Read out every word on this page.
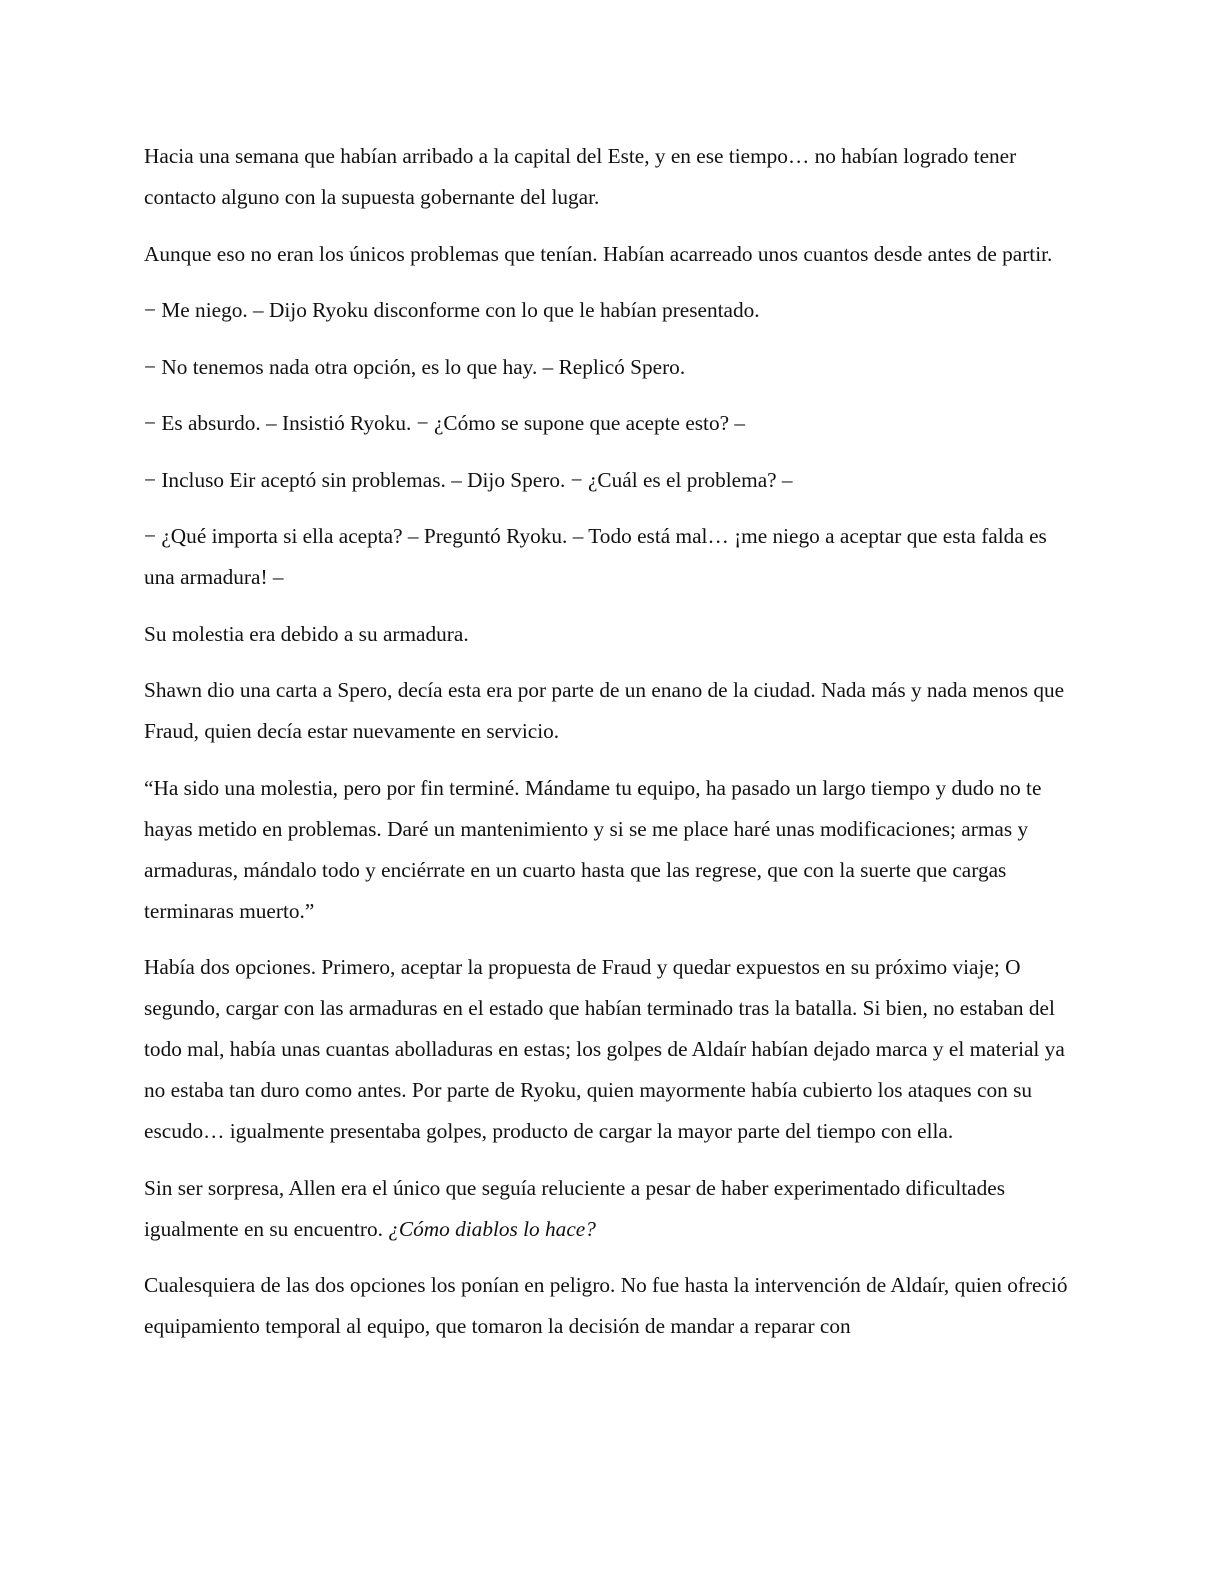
Hacia una semana que habían arribado a la capital del Este, y en ese tiempo… no habían logrado tener contacto alguno con la supuesta gobernante del lugar.

Aunque eso no eran los únicos problemas que tenían. Habían acarreado unos cuantos desde antes de partir.

− Me niego. – Dijo Ryoku disconforme con lo que le habían presentado.

− No tenemos nada otra opción, es lo que hay. – Replicó Spero.

− Es absurdo. – Insistió Ryoku. − ¿Cómo se supone que acepte esto? –

− Incluso Eir aceptó sin problemas. – Dijo Spero. − ¿Cuál es el problema? –

− ¿Qué importa si ella acepta? – Preguntó Ryoku. – Todo está mal… ¡me niego a aceptar que esta falda es una armadura! –

Su molestia era debido a su armadura.

Shawn dio una carta a Spero, decía esta era por parte de un enano de la ciudad. Nada más y nada menos que Fraud, quien decía estar nuevamente en servicio.

“Ha sido una molestia, pero por fin terminé. Mándame tu equipo, ha pasado un largo tiempo y dudo no te hayas metido en problemas. Daré un mantenimiento y si se me place haré unas modificaciones; armas y armaduras, mándalo todo y enciérrate en un cuarto hasta que las regrese, que con la suerte que cargas terminaras muerto.”

Había dos opciones. Primero, aceptar la propuesta de Fraud y quedar expuestos en su próximo viaje; O segundo, cargar con las armaduras en el estado que habían terminado tras la batalla. Si bien, no estaban del todo mal, había unas cuantas abolladuras en estas; los golpes de Aldaír habían dejado marca y el material ya no estaba tan duro como antes. Por parte de Ryoku, quien mayormente había cubierto los ataques con su escudo… igualmente presentaba golpes, producto de cargar la mayor parte del tiempo con ella.

Sin ser sorpresa, Allen era el único que seguía reluciente a pesar de haber experimentado dificultades igualmente en su encuentro. ¿Cómo diablos lo hace?

Cualesquiera de las dos opciones los ponían en peligro. No fue hasta la intervención de Aldaír, quien ofreció equipamiento temporal al equipo, que tomaron la decisión de mandar a reparar con
